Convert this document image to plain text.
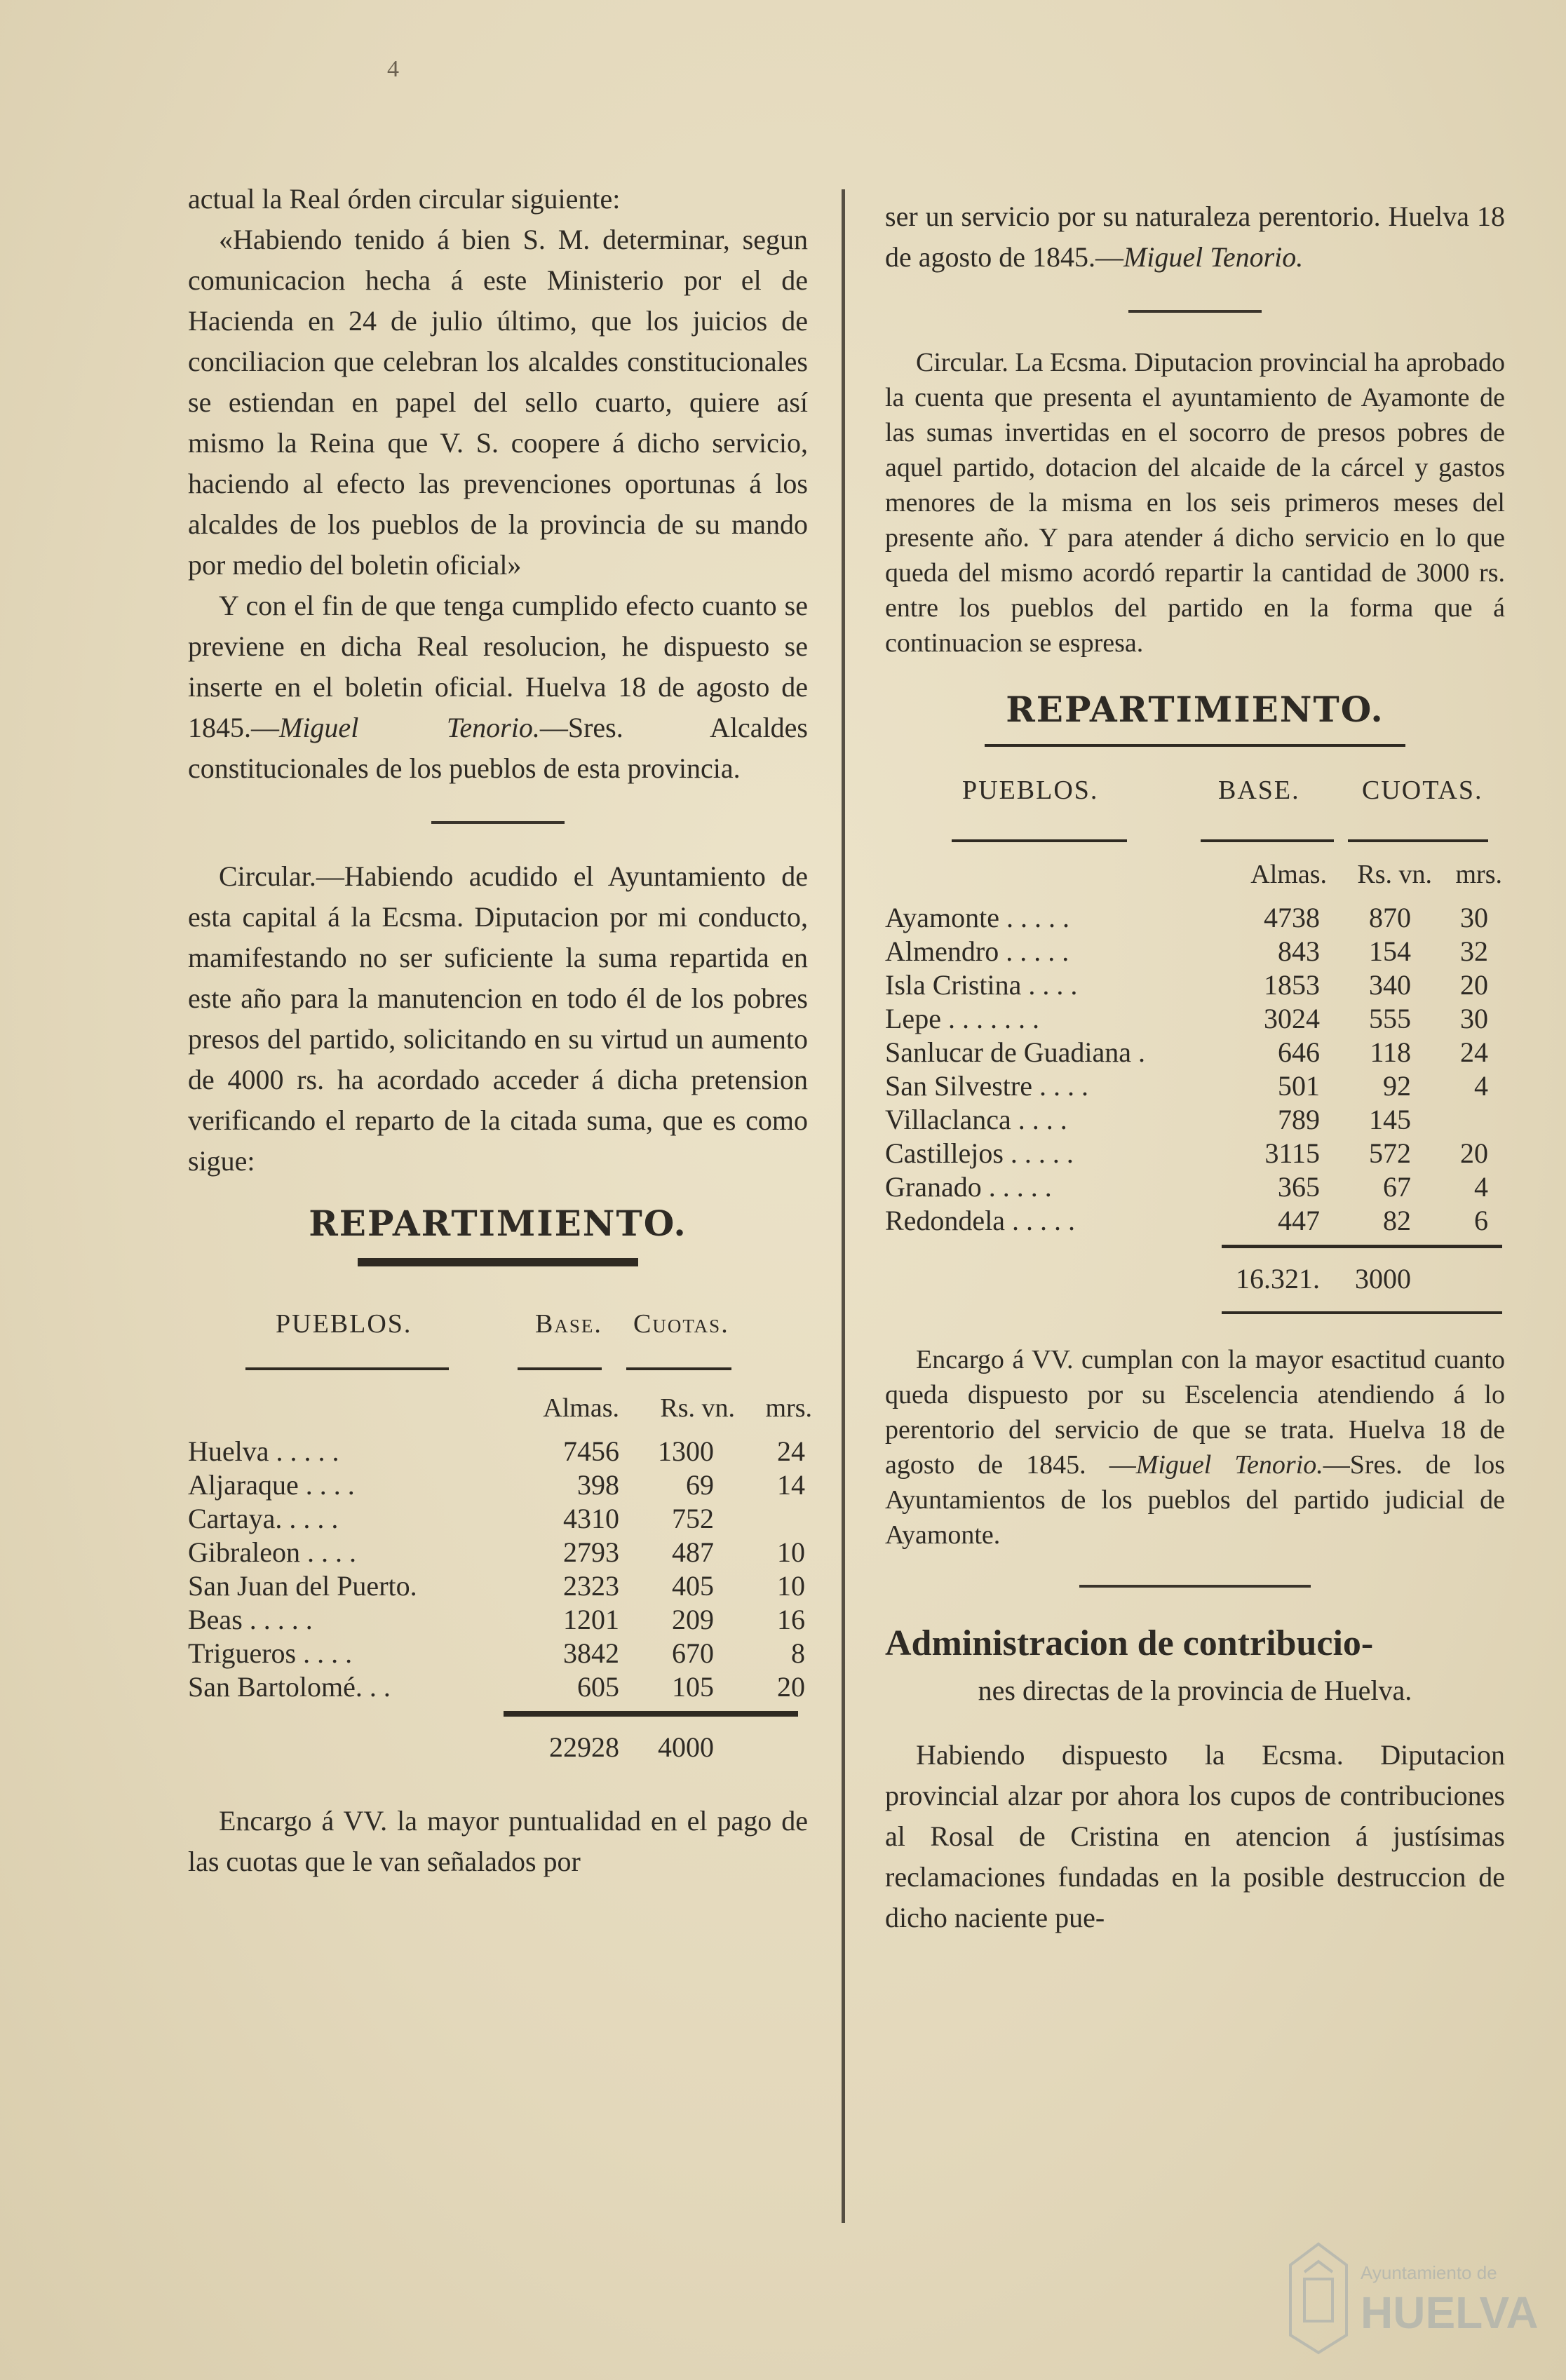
4

actual la Real órden circular siguiente:

«Habiendo tenido á bien S. M. determinar, segun comunicacion hecha á este Ministerio por el de Hacienda en 24 de julio último, que los juicios de conciliacion que celebran los alcaldes constitucionales se estiendan en papel del sello cuarto, quiere así mismo la Reina que V. S. coopere á dicho servicio, haciendo al efecto las prevenciones oportunas á los alcaldes de los pueblos de la provincia de su mando por medio del boletin oficial»

Y con el fin de que tenga cumplido efecto cuanto se previene en dicha Real resolucion, he dispuesto se inserte en el boletin oficial. Huelva 18 de agosto de 1845.—Miguel Tenorio.—Sres. Alcaldes constitucionales de los pueblos de esta provincia.

Circular.—Habiendo acudido el Ayuntamiento de esta capital á la Ecsma. Diputacion por mi conducto, mamifestando no ser suficiente la suma repartida en este año para la manutencion en todo él de los pobres presos del partido, solicitando en su virtud un aumento de 4000 rs. ha acordado acceder á dicha pretension verificando el reparto de la citada suma, que es como sigue:

REPARTIMIENTO.
PUEBLOS.	Base. Cuotas.
Almas.	Rs. vn.	mrs.
Huelva . . . . .	7456	1300	24
Aljaraque . . . .	398	69	14
Cartaya. . . . .	4310	752
Gibraleon . . . .	2793	487	10
San Juan del Puerto.	2323	405	10
Beas . . . . .	1201	209	16
Trigueros . . . .	3842	670	8
San Bartolomé. . .	605	105	20
22928	4000

Encargo á VV. la mayor puntualidad en el pago de las cuotas que le van señalados por

ser un servicio por su naturaleza perentorio. Huelva 18 de agosto de 1845.—Miguel Tenorio.

Circular. La Ecsma. Diputacion provincial ha aprobado la cuenta que presenta el ayuntamiento de Ayamonte de las sumas invertidas en el socorro de presos pobres de aquel partido, dotacion del alcaide de la cárcel y gastos menores de la misma en los seis primeros meses del presente año. Y para atender á dicho servicio en lo que queda del mismo acordó repartir la cantidad de 3000 rs. entre los pueblos del partido en la forma que á continuacion se espresa.

REPARTIMIENTO.
PUEBLOS.	BASE. CUOTAS.
Almas.	Rs. vn. mrs.
Ayamonte . . . . .	4738	870	30
Almendro . . . . .	843	154	32
Isla Cristina . . . .	1853	340	20
Lepe . . . . . . .	3024	555	30
Sanlucar de Guadiana .	646	118	24
San Silvestre . . . .	501	92	4
Villaclanca . . . .	789	145
Castillejos . . . . .	3115	572	20
Granado . . . . .	365	67	4
Redondela . . . . .	447	82	6
16.321.	3000

Encargo á VV. cumplan con la mayor esactitud cuanto queda dispuesto por su Escelencia atendiendo á lo perentorio del servicio de que se trata. Huelva 18 de agosto de 1845. —Miguel Tenorio.—Sres. de los Ayuntamientos de los pueblos del partido judicial de Ayamonte.

Administracion de contribucio-
nes directas de la provincia de Huelva.

Habiendo dispuesto la Ecsma. Diputacion provincial alzar por ahora los cupos de contribuciones al Rosal de Cristina en atencion á justísimas reclamaciones fundadas en la posible destruccion de dicho naciente pue-

Ayuntamiento de
HUELVA
